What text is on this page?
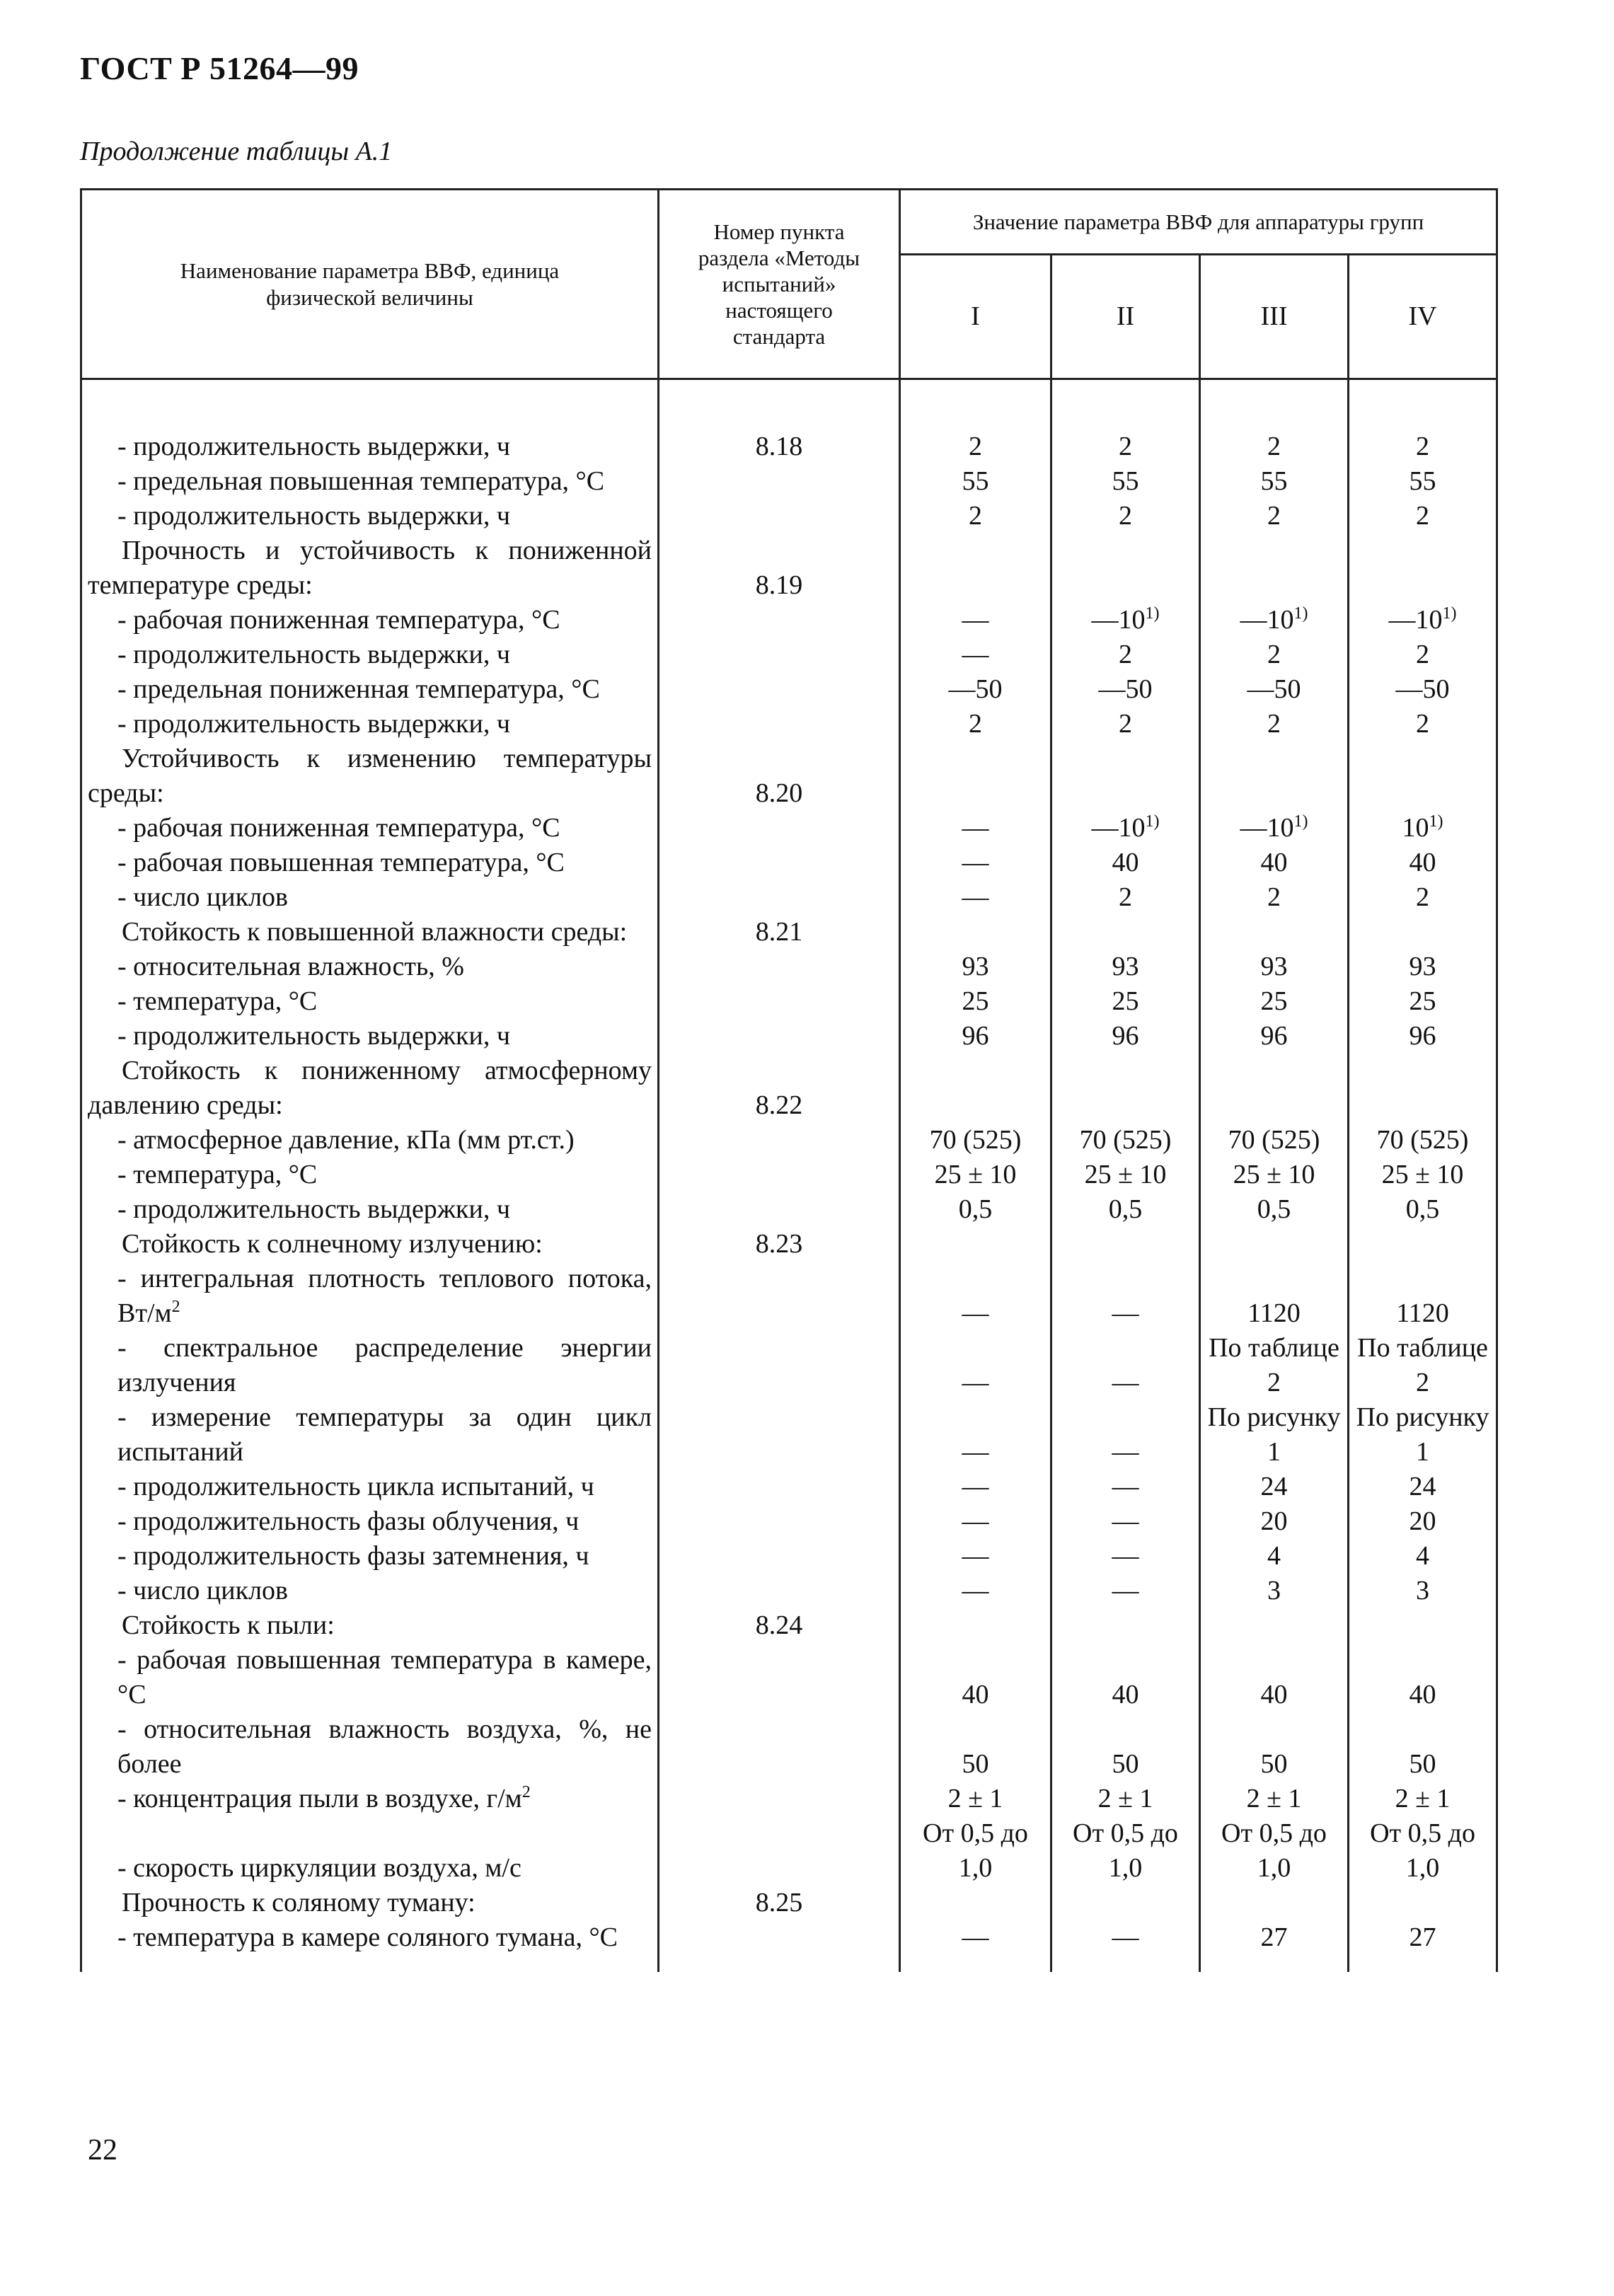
ГОСТ Р 51264—99
Продолжение таблицы А.1
Наименование параметра ВВФ, единица физической величины	Номер пункта раздела «Методы испытаний» настоящего стандарта	Значение параметра ВВФ для аппаратуры групп			
		I	II	III	IV

- продолжительность выдержки, ч	8.18	2	2	2	2
- предельная повышенная температура, °С		55	55	55	55
- продолжительность выдержки, ч		2	2	2	2
Прочность и устойчивость к пониженной температуре среды:	8.19				
- рабочая пониженная температура, °С		—	—10$^{1)}$	—10$^{1)}$	—10$^{1)}$
- продолжительность выдержки, ч		—	2	2	2
- предельная пониженная температура, °С		—50	—50	—50	—50
- продолжительность выдержки, ч		2	2	2	2
Устойчивость к изменению температуры среды:	8.20				
- рабочая пониженная температура, °С		—	—10$^{1)}$	—10$^{1)}$	10$^{1)}$
- рабочая повышенная температура, °С		—	40	40	40
- число циклов		—	2	2	2
Стойкость к повышенной влажности среды:	8.21				
- относительная влажность, %		93	93	93	93
- температура, °С		25	25	25	25
- продолжительность выдержки, ч		96	96	96	96
Стойкость к пониженному атмосферному давлению среды:	8.22				
- атмосферное давление, кПа (мм рт.ст.)		70 (525)	70 (525)	70 (525)	70 (525)
- температура, °С		25 ± 10	25 ± 10	25 ± 10	25 ± 10
- продолжительность выдержки, ч		0,5	0,5	0,5	0,5
Стойкость к солнечному излучению:	8.23				
- интегральная плотность теплового потока, $Вт/м^2$		—	—	1120	1120
- спектральное распределение энергии излучения		—	—	По таблице 2	По таблице 2
- измерение температуры за один цикл испытаний		—	—	По рисунку 1	По рисунку 1
- продолжительность цикла испытаний, ч		—	—	24	24
- продолжительность фазы облучения, ч		—	—	20	20
- продолжительность фазы затемнения, ч		—	—	4	4
- число циклов		—	—	3	3
Стойкость к пыли:	8.24				
- рабочая повышенная температура в камере, °С		40	40	40	40
- относительная влажность воздуха, %, не более		50	50	50	50
- концентрация пыли в воздухе, $г/м^2$		2 ± 1	2 ± 1	2 ± 1	2 ± 1
- скорость циркуляции воздуха, м/с		От 0,5 до 1,0	От 0,5 до 1,0	От 0,5 до 1,0	От 0,5 до 1,0
Прочность к соляному туману:	8.25				
- температура в камере соляного тумана, °С		—	—	27	27

22
